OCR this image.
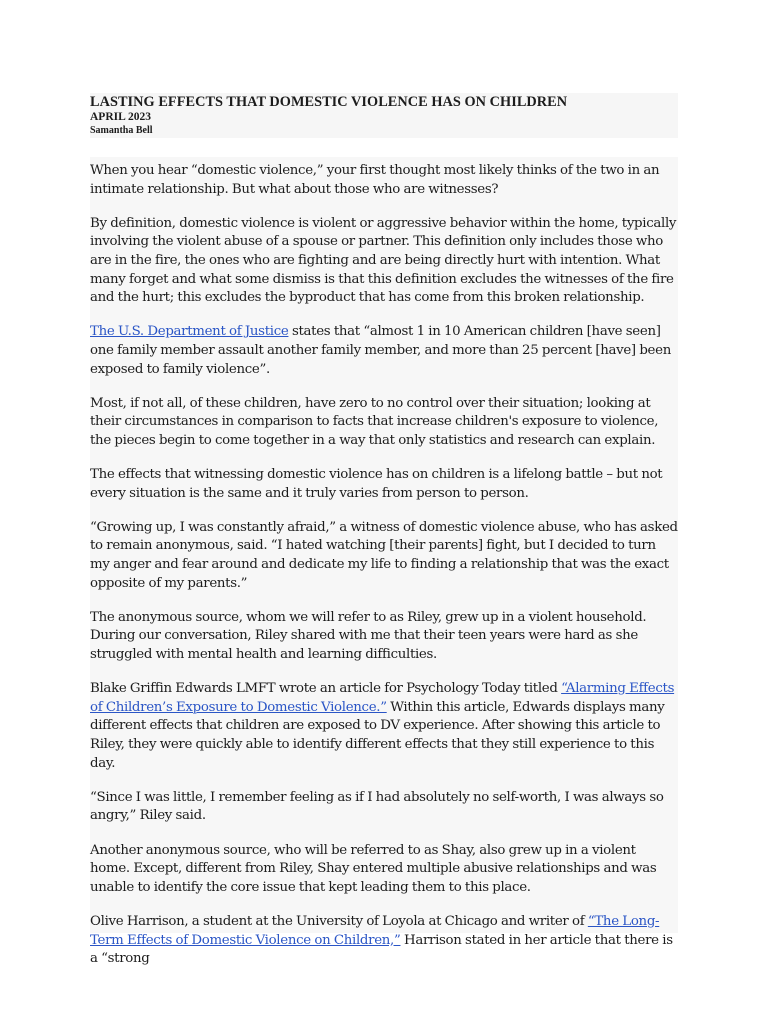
LASTING EFFECTS THAT DOMESTIC VIOLENCE HAS ON CHILDREN
APRIL 2023
Samantha Bell

When you hear “domestic violence,” your first thought most likely thinks of the two in an intimate relationship. But what about those who are witnesses?

By definition, domestic violence is violent or aggressive behavior within the home, typically involving the violent abuse of a spouse or partner. This definition only includes those who are in the fire, the ones who are fighting and are being directly hurt with intention. What many forget and what some dismiss is that this definition excludes the witnesses of the fire and the hurt; this excludes the byproduct that has come from this broken relationship.

The U.S. Department of Justice states that “almost 1 in 10 American children [have seen] one family member assault another family member, and more than 25 percent [have] been exposed to family violence”.

Most, if not all, of these children, have zero to no control over their situation; looking at their circumstances in comparison to facts that increase children's exposure to violence, the pieces begin to come together in a way that only statistics and research can explain.

The effects that witnessing domestic violence has on children is a lifelong battle – but not every situation is the same and it truly varies from person to person.

“Growing up, I was constantly afraid,” a witness of domestic violence abuse, who has asked to remain anonymous, said. “I hated watching [their parents] fight, but I decided to turn my anger and fear around and dedicate my life to finding a relationship that was the exact opposite of my parents.”

The anonymous source, whom we will refer to as Riley, grew up in a violent household. During our conversation, Riley shared with me that their teen years were hard as she struggled with mental health and learning difficulties.

Blake Griffin Edwards LMFT wrote an article for Psychology Today titled “Alarming Effects of Children’s Exposure to Domestic Violence.” Within this article, Edwards displays many different effects that children are exposed to DV experience. After showing this article to Riley, they were quickly able to identify different effects that they still experience to this day.

“Since I was little, I remember feeling as if I had absolutely no self-worth, I was always so angry,” Riley said.

Another anonymous source, who will be referred to as Shay, also grew up in a violent home. Except, different from Riley, Shay entered multiple abusive relationships and was unable to identify the core issue that kept leading them to this place.

Olive Harrison, a student at the University of Loyola at Chicago and writer of “The Long-Term Effects of Domestic Violence on Children,” Harrison stated in her article that there is a “strong
